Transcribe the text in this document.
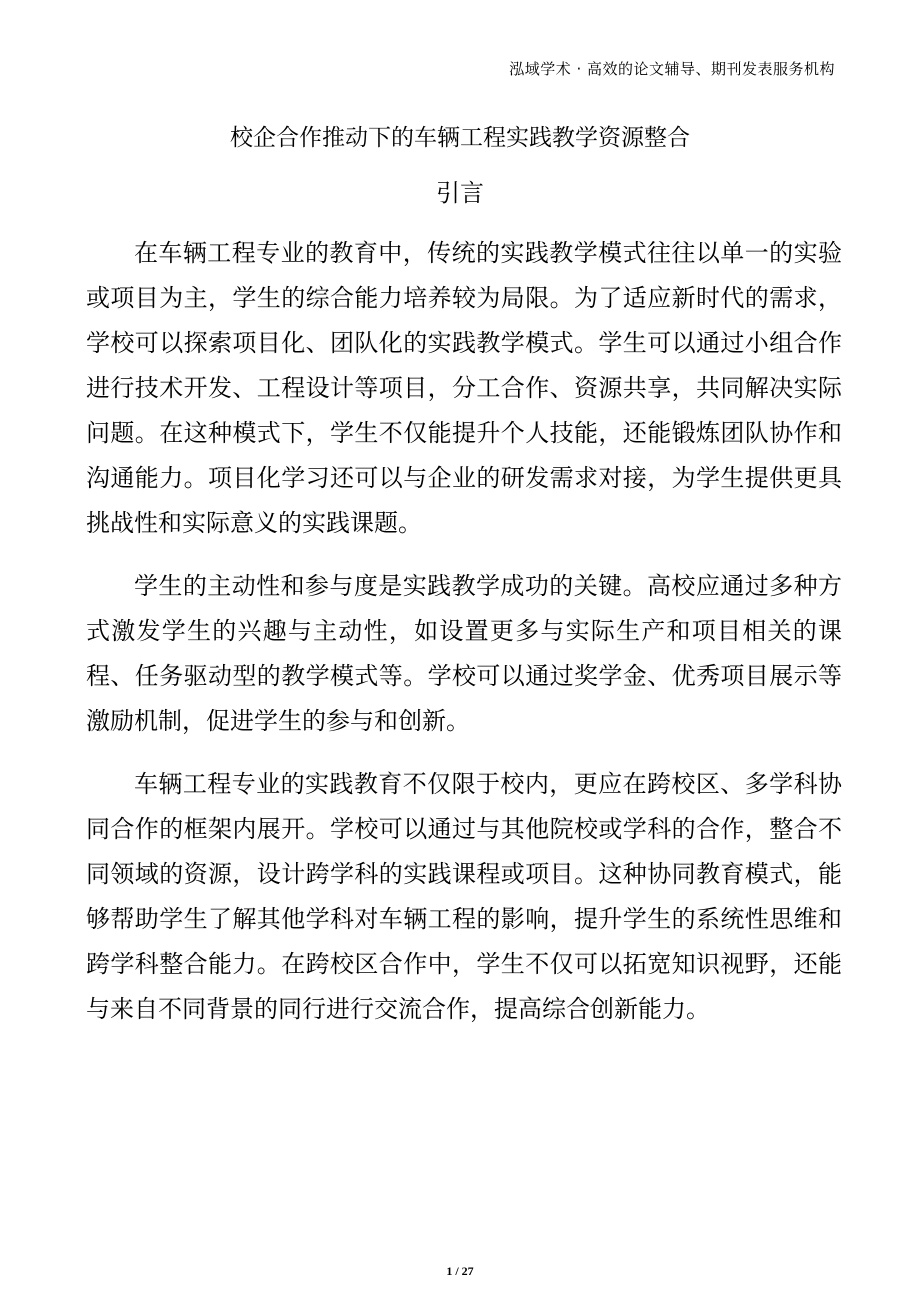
泓域学术 · 高效的论文辅导、期刊发表服务机构
校企合作推动下的车辆工程实践教学资源整合
引言

在车辆工程专业的教育中，传统的实践教学模式往往以单一的实验或项目为主，学生的综合能力培养较为局限。为了适应新时代的需求，学校可以探索项目化、团队化的实践教学模式。学生可以通过小组合作进行技术开发、工程设计等项目，分工合作、资源共享，共同解决实际问题。在这种模式下，学生不仅能提升个人技能，还能锻炼团队协作和沟通能力。项目化学习还可以与企业的研发需求对接，为学生提供更具挑战性和实际意义的实践课题。

学生的主动性和参与度是实践教学成功的关键。高校应通过多种方式激发学生的兴趣与主动性，如设置更多与实际生产和项目相关的课程、任务驱动型的教学模式等。学校可以通过奖学金、优秀项目展示等激励机制，促进学生的参与和创新。

车辆工程专业的实践教育不仅限于校内，更应在跨校区、多学科协同合作的框架内展开。学校可以通过与其他院校或学科的合作，整合不同领域的资源，设计跨学科的实践课程或项目。这种协同教育模式，能够帮助学生了解其他学科对车辆工程的影响，提升学生的系统性思维和跨学科整合能力。在跨校区合作中，学生不仅可以拓宽知识视野，还能与来自不同背景的同行进行交流合作，提高综合创新能力。

1 / 27
